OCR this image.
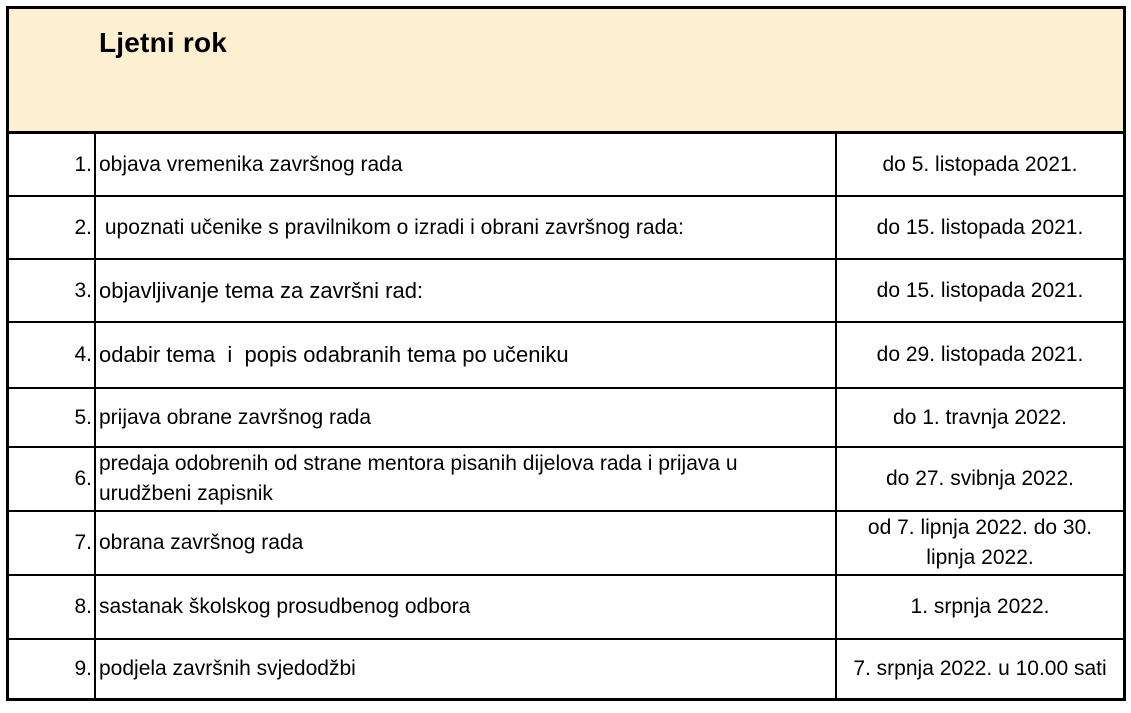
Ljetni rok
1.	objava vremenika završnog rada	do 5. listopada 2021.
2.	upoznati učenike s pravilnikom o izradi i obrani završnog rada:	do 15. listopada 2021.
3.	objavljivanje tema za završni rad:	do 15. listopada 2021.
4.	odabir tema  i  popis odabranih tema po učeniku	do 29. listopada 2021.
5.	prijava obrane završnog rada	do 1. travnja 2022.
6.	predaja odobrenih od strane mentora pisanih dijelova rada i prijava u urudžbeni zapisnik	do 27. svibnja 2022.
7.	obrana završnog rada	od 7. lipnja 2022. do 30. lipnja 2022.
8.	sastanak školskog prosudbenog odbora	1. srpnja 2022.
9.	podjela završnih svjedodžbi	7. srpnja 2022. u 10.00 sati
